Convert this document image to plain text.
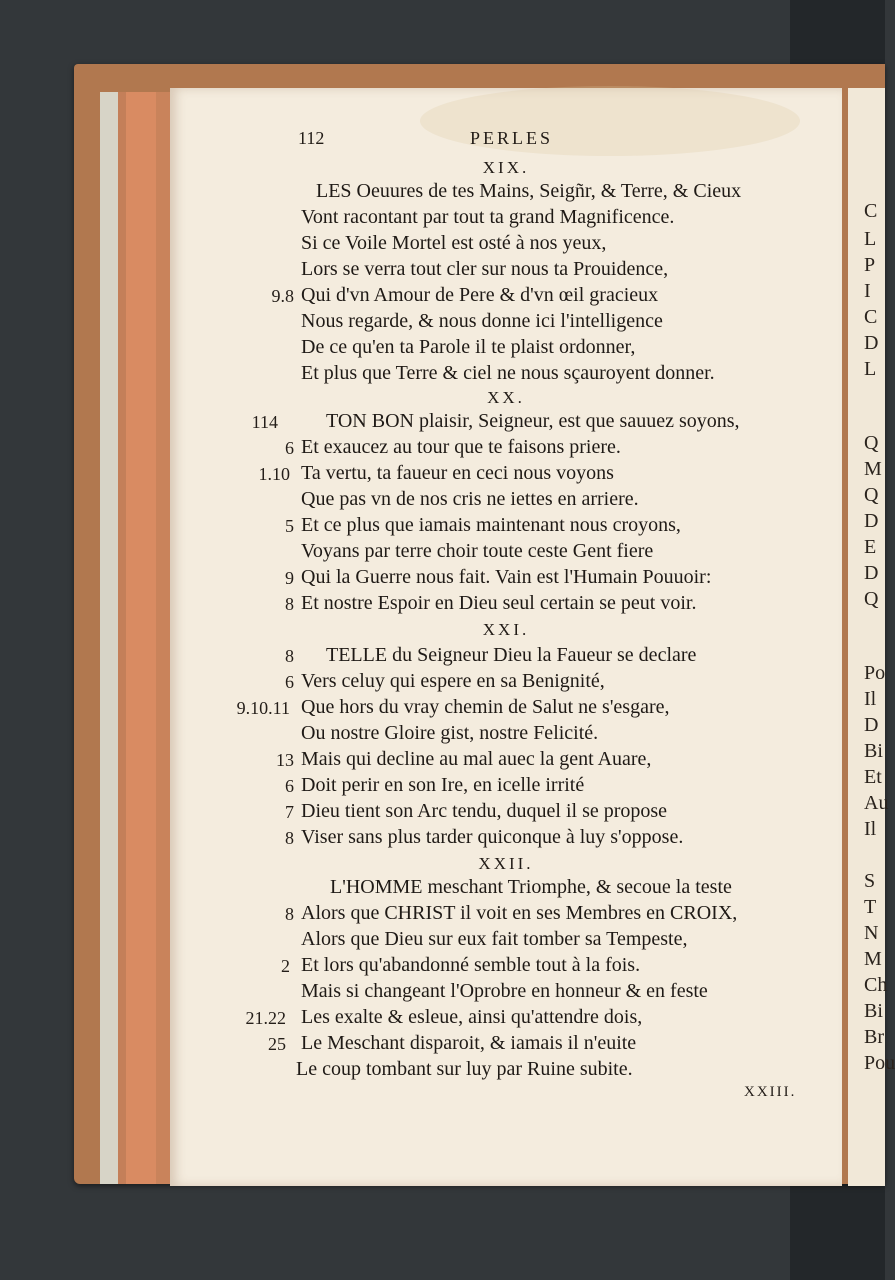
C
L
P
I
C
D
L
Q
M
Q
D
E
D
Q
Po
Il
D
Bi
Et
Au
Il
S
T
N
M
Ch
Bi
Br
Pou
112	PERLES
XIX.
LES Oeuures de tes Mains, Seigñr, & Terre, & Cieux
Vont racontant par tout ta grand Magnificence.
Si ce Voile Mortel est osté à nos yeux,
Lors se verra tout cler sur nous ta Prouidence,
9.8 Qui d'vn Amour de Pere & d'vn œil gracieux
Nous regarde, & nous donne ici l'intelligence
De ce qu'en ta Parole il te plaist ordonner,
Et plus que Terre & ciel ne nous sçauroyent donner.
XX.
114 TON BON plaisir, Seigneur, est que sauuez soyons,
6 Et exaucez au tour que te faisons priere.
1.10 Ta vertu, ta faueur en ceci nous voyons
Que pas vn de nos cris ne iettes en arriere.
5 Et ce plus que iamais maintenant nous croyons,
Voyans par terre choir toute ceste Gent fiere
9 Qui la Guerre nous fait. Vain est l'Humain Pouuoir:
8 Et nostre Espoir en Dieu seul certain se peut voir.
XXI.
8 TELLE du Seigneur Dieu la Faueur se declare
6 Vers celuy qui espere en sa Benignité,
9.10.11 Que hors du vray chemin de Salut ne s'esgare,
Ou nostre Gloire gist, nostre Felicité.
13 Mais qui decline au mal auec la gent Auare,
6 Doit perir en son Ire, en icelle irrité
7 Dieu tient son Arc tendu, duquel il se propose
8 Viser sans plus tarder quiconque à luy s'oppose.
XXII.
L'HOMME meschant Triomphe, & secoue la teste
8 Alors que CHRIST il voit en ses Membres en CROIX,
Alors que Dieu sur eux fait tomber sa Tempeste,
2 Et lors qu'abandonné semble tout à la fois.
Mais si changeant l'Oprobre en honneur & en feste
21.22 Les exalte & esleue, ainsi qu'attendre dois,
25 Le Meschant disparoit, & iamais il n'euite
Le coup tombant sur luy par Ruine subite.
XXIII.
